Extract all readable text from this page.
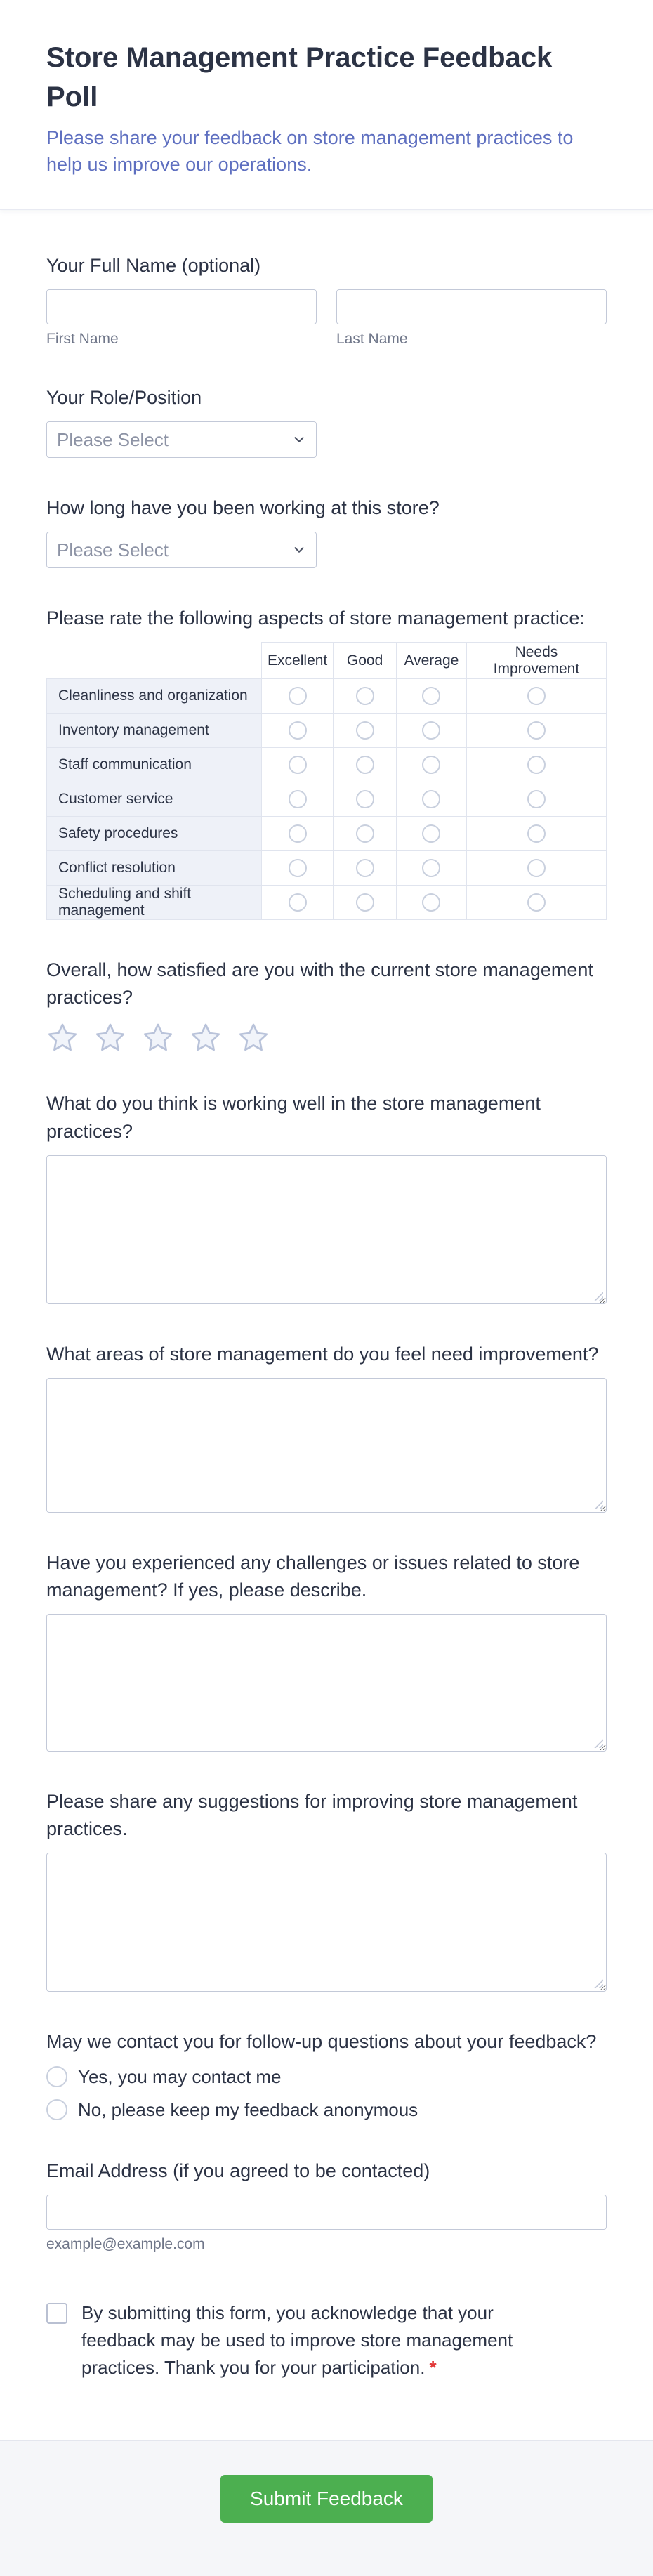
Store Management Practice Feedback Poll

Please share your feedback on store management practices to help us improve our operations.

Your Full Name (optional)

First Name	Last Name

Your Role/Position

Please Select

How long have you been working at this store?

Please Select

Please rate the following aspects of store management practice:

	Excellent	Good	Average	Needs Improvement
Cleanliness and organization				
Inventory management				
Staff communication				
Customer service				
Safety procedures				
Conflict resolution				
Scheduling and shift management				

Overall, how satisfied are you with the current store management practices?

What do you think is working well in the store management practices?

What areas of store management do you feel need improvement?

Have you experienced any challenges or issues related to store management? If yes, please describe.

Please share any suggestions for improving store management practices.

May we contact you for follow-up questions about your feedback?

Yes, you may contact me
No, please keep my feedback anonymous

Email Address (if you agreed to be contacted)

example@example.com

By submitting this form, you acknowledge that your feedback may be used to improve store management practices. Thank you for your participation. *

Submit Feedback
